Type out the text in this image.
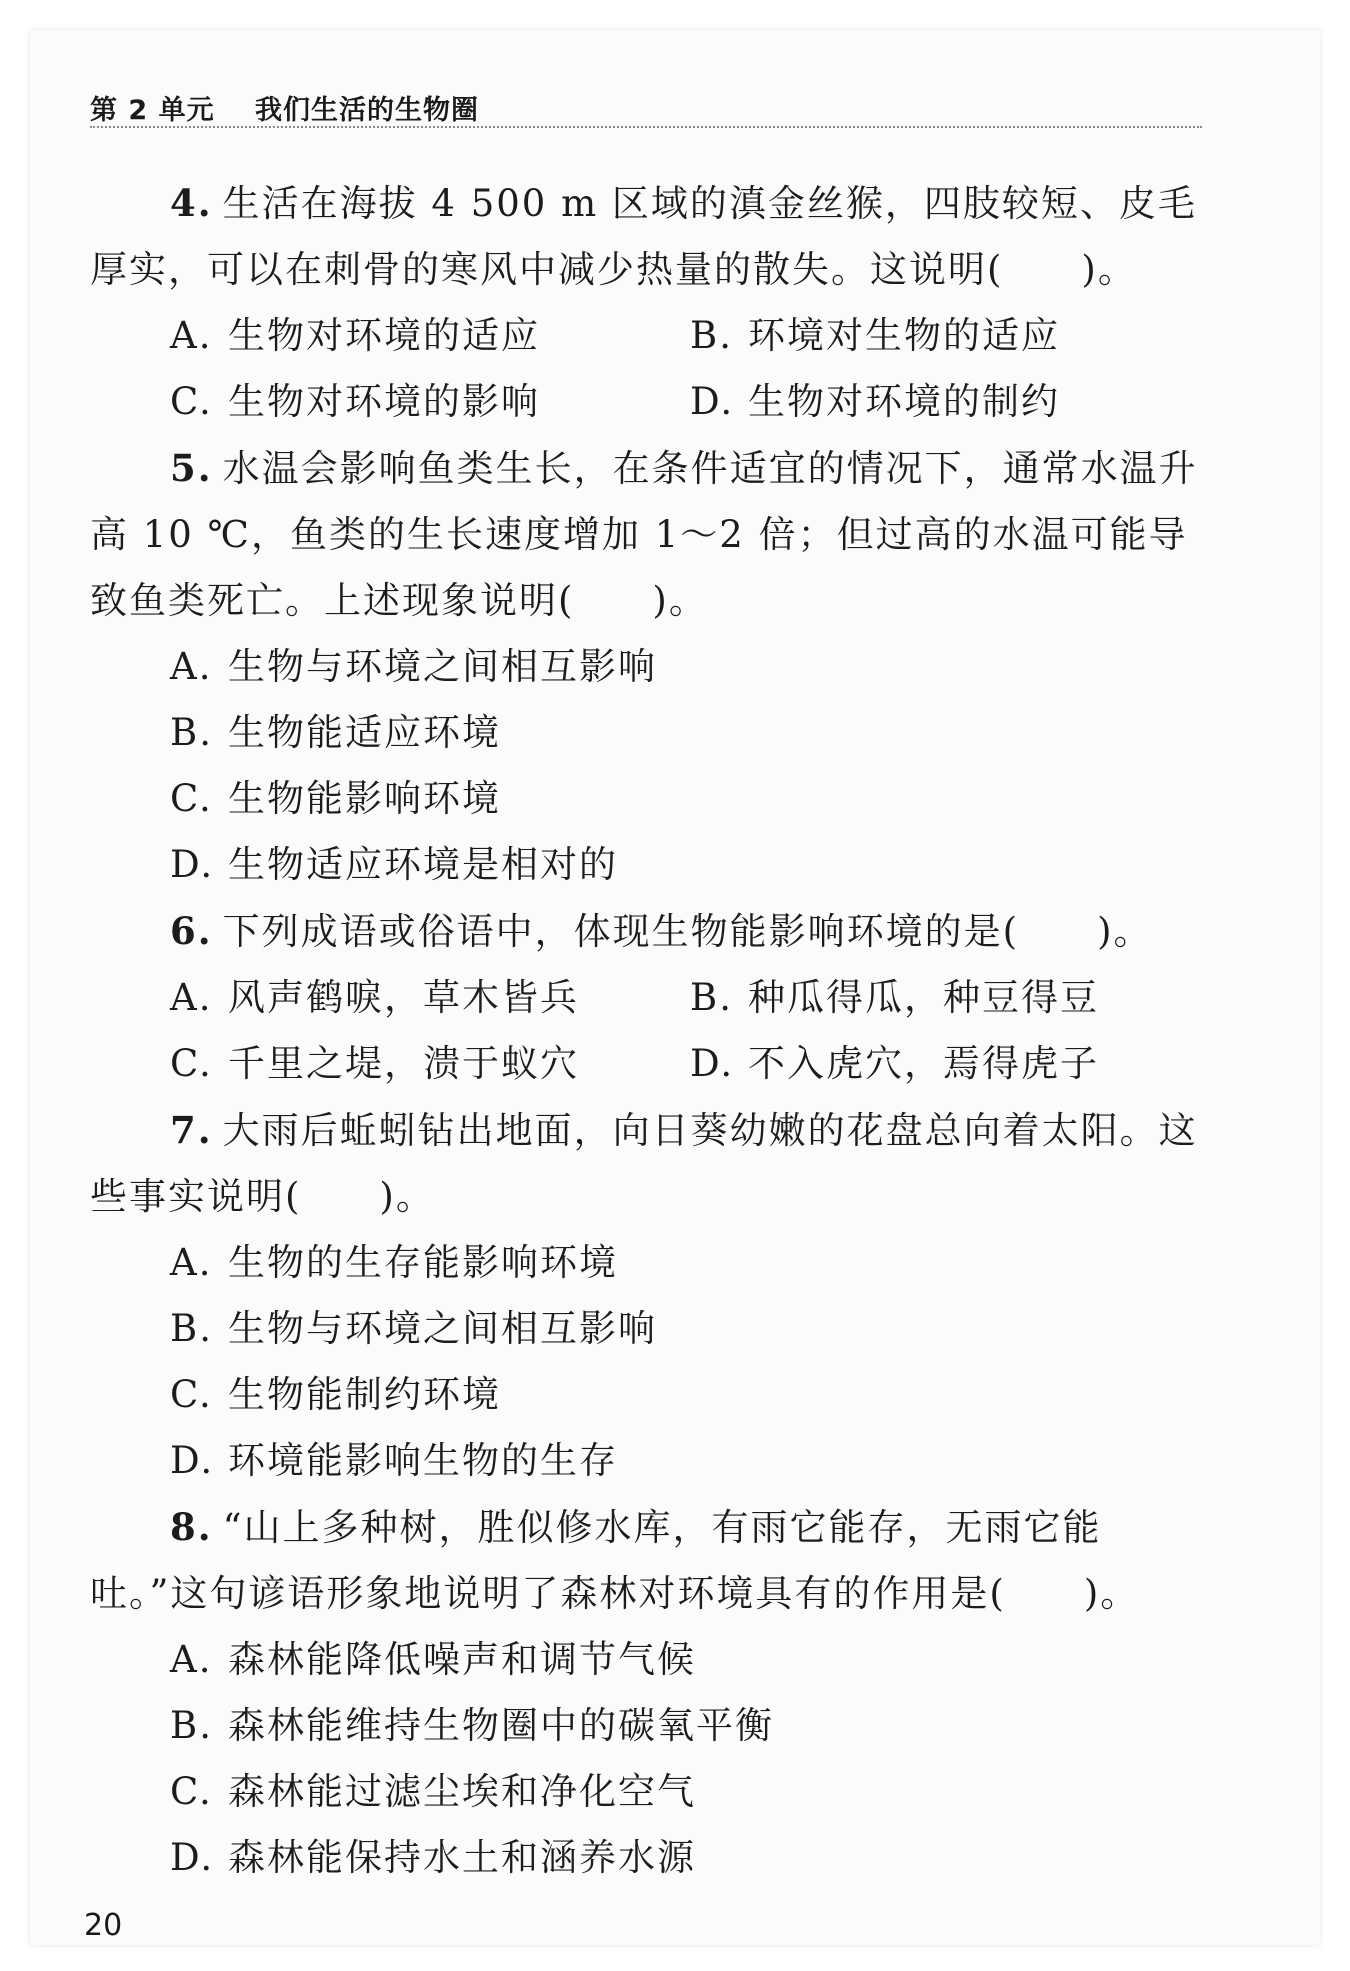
第 2 单元 我们生活的生物圈

4. 生活在海拔 4 500 m 区域的滇金丝猴，四肢较短、皮毛厚实，可以在刺骨的寒风中减少热量的散失。这说明(　　)。

A. 生物对环境的适应	B. 环境对生物的适应
C. 生物对环境的影响	D. 生物对环境的制约

5. 水温会影响鱼类生长，在条件适宜的情况下，通常水温升高 10 ℃，鱼类的生长速度增加 1～2 倍；但过高的水温可能导致鱼类死亡。上述现象说明(　　)。

A. 生物与环境之间相互影响

B. 生物能适应环境

C. 生物能影响环境

D. 生物适应环境是相对的

6. 下列成语或俗语中，体现生物能影响环境的是(　　)。

A. 风声鹤唳，草木皆兵	B. 种瓜得瓜，种豆得豆
C. 千里之堤，溃于蚁穴	D. 不入虎穴，焉得虎子

7. 大雨后蚯蚓钻出地面，向日葵幼嫩的花盘总向着太阳。这些事实说明(　　)。

A. 生物的生存能影响环境

B. 生物与环境之间相互影响

C. 生物能制约环境

D. 环境能影响生物的生存

8. “山上多种树，胜似修水库，有雨它能存，无雨它能吐。”这句谚语形象地说明了森林对环境具有的作用是(　　)。

A. 森林能降低噪声和调节气候

B. 森林能维持生物圈中的碳氧平衡

C. 森林能过滤尘埃和净化空气

D. 森林能保持水土和涵养水源

20
